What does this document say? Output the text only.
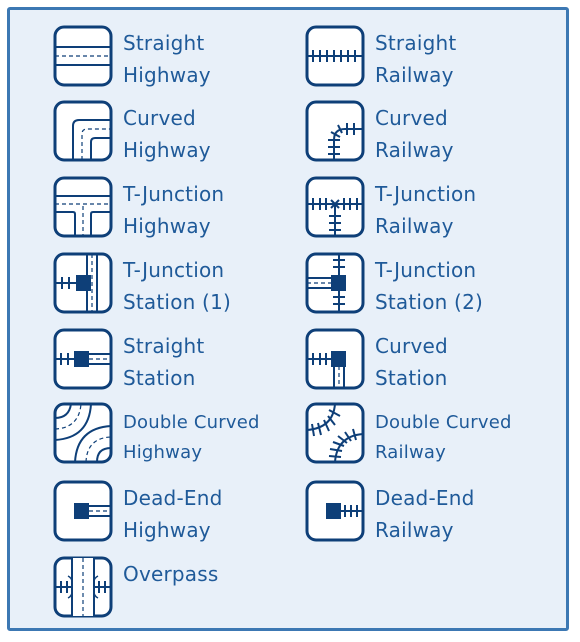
Straight
Highway
Straight
Railway
Curved
Highway
Curved
Railway
T-Junction
Highway
T-Junction
Railway
T-Junction
Station (1)
T-Junction
Station (2)
Straight
Station
Curved
Station
Double Curved
Highway
Double Curved
Railway
Dead-End
Highway
Dead-End
Railway
Overpass
